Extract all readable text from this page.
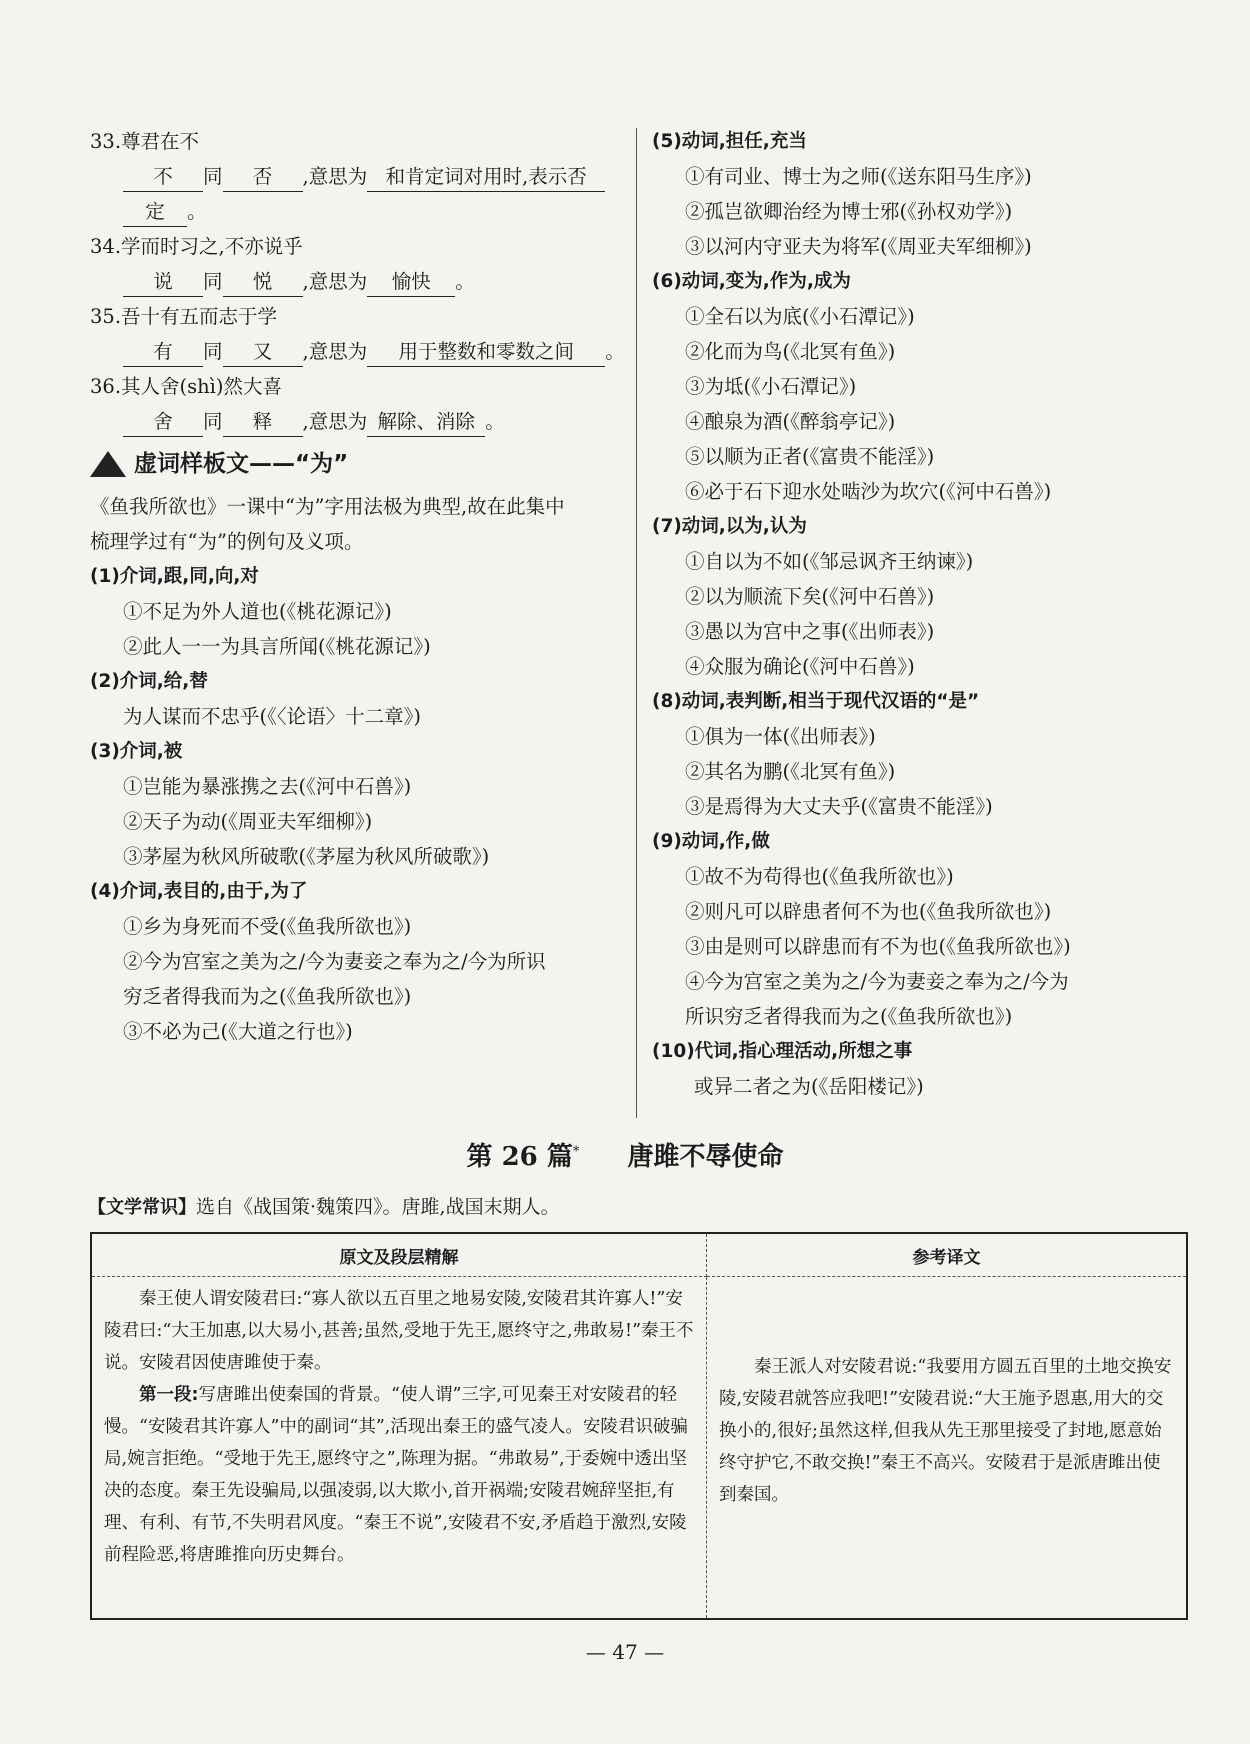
33.尊君在不
不 同 否 ,意思为 和肯定词对用时,表示否
定 。
34.学而时习之,不亦说乎
说 同 悦 ,意思为 愉快 。
35.吾十有五而志于学
有 同 又 ,意思为 用于整数和零数之间 。
36.其人舍(shì)然大喜
舍 同 释 ,意思为 解除、消除 。
虚词样板文——“为”
《鱼我所欲也》一课中“为”字用法极为典型,故在此集中
梳理学过有“为”的例句及义项。
(1)介词,跟,同,向,对
①不足为外人道也(《桃花源记》)
②此人一一为具言所闻(《桃花源记》)
(2)介词,给,替
为人谋而不忠乎(《〈论语〉十二章》)
(3)介词,被
①岂能为暴涨携之去(《河中石兽》)
②天子为动(《周亚夫军细柳》)
③茅屋为秋风所破歌(《茅屋为秋风所破歌》)
(4)介词,表目的,由于,为了
①乡为身死而不受(《鱼我所欲也》)
②今为宫室之美为之/今为妻妾之奉为之/今为所识
穷乏者得我而为之(《鱼我所欲也》)
③不必为己(《大道之行也》)
(5)动词,担任,充当
①有司业、博士为之师(《送东阳马生序》)
②孤岂欲卿治经为博士邪(《孙权劝学》)
③以河内守亚夫为将军(《周亚夫军细柳》)
(6)动词,变为,作为,成为
①全石以为底(《小石潭记》)
②化而为鸟(《北冥有鱼》)
③为坻(《小石潭记》)
④酿泉为酒(《醉翁亭记》)
⑤以顺为正者(《富贵不能淫》)
⑥必于石下迎水处啮沙为坎穴(《河中石兽》)
(7)动词,以为,认为
①自以为不如(《邹忌讽齐王纳谏》)
②以为顺流下矣(《河中石兽》)
③愚以为宫中之事(《出师表》)
④众服为确论(《河中石兽》)
(8)动词,表判断,相当于现代汉语的“是”
①俱为一体(《出师表》)
②其名为鹏(《北冥有鱼》)
③是焉得为大丈夫乎(《富贵不能淫》)
(9)动词,作,做
①故不为苟得也(《鱼我所欲也》)
②则凡可以辟患者何不为也(《鱼我所欲也》)
③由是则可以辟患而有不为也(《鱼我所欲也》)
④今为宫室之美为之/今为妻妾之奉为之/今为
所识穷乏者得我而为之(《鱼我所欲也》)
(10)代词,指心理活动,所想之事
或异二者之为(《岳阳楼记》)
第 26 篇* 唐雎不辱使命
【文学常识】选自《战国策·魏策四》。唐雎,战国末期人。
原文及段层精解	参考译文

秦王使人谓安陵君曰:“寡人欲以五百里之地易安陵,安陵君其许寡人!”安陵君曰:“大王加惠,以大易小,甚善;虽然,受地于先王,愿终守之,弗敢易!”秦王不说。安陵君因使唐雎使于秦。
第一段:写唐雎出使秦国的背景。“使人谓”三字,可见秦王对安陵君的轻慢。“安陵君其许寡人”中的副词“其”,活现出秦王的盛气凌人。安陵君识破骗局,婉言拒绝。“受地于先王,愿终守之”,陈理为据。“弗敢易”,于委婉中透出坚决的态度。秦王先设骗局,以强凌弱,以大欺小,首开祸端;安陵君婉辞坚拒,有理、有利、有节,不失明君风度。“秦王不说”,安陵君不安,矛盾趋于激烈,安陵前程险恶,将唐雎推向历史舞台。	秦王派人对安陵君说:“我要用方圆五百里的土地交换安陵,安陵君就答应我吧!”安陵君说:“大王施予恩惠,用大的交换小的,很好;虽然这样,但我从先王那里接受了封地,愿意始终守护它,不敢交换!”秦王不高兴。安陵君于是派唐雎出使到秦国。
— 47 —
